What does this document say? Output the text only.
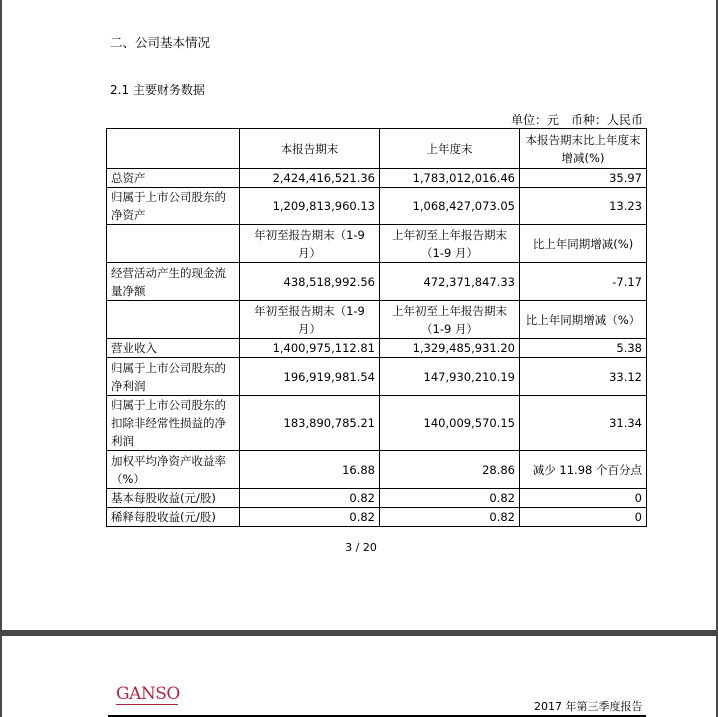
二、公司基本情况
2.1 主要财务数据
单位：元　币种：人民币
	本报告期末	上年度末	本报告期末比上年度末增减(%)
总资产	2,424,416,521.36	1,783,012,016.46	35.97
归属于上市公司股东的净资产	1,209,813,960.13	1,068,427,073.05	13.23
	年初至报告期末（1-9 月）	上年初至上年报告期末（1-9 月）	比上年同期增减(%)
经营活动产生的现金流量净额	438,518,992.56	472,371,847.33	-7.17
	年初至报告期末（1-9 月）	上年初至上年报告期末（1-9 月）	比上年同期增减（%）
营业收入	1,400,975,112.81	1,329,485,931.20	5.38
归属于上市公司股东的净利润	196,919,981.54	147,930,210.19	33.12
归属于上市公司股东的扣除非经常性损益的净利润	183,890,785.21	140,009,570.15	31.34
加权平均净资产收益率（%）	16.88	28.86	减少 11.98 个百分点
基本每股收益(元/股)	0.82	0.82	0
稀释每股收益(元/股)	0.82	0.82	0
3 / 20
GANSO
2017 年第三季度报告
